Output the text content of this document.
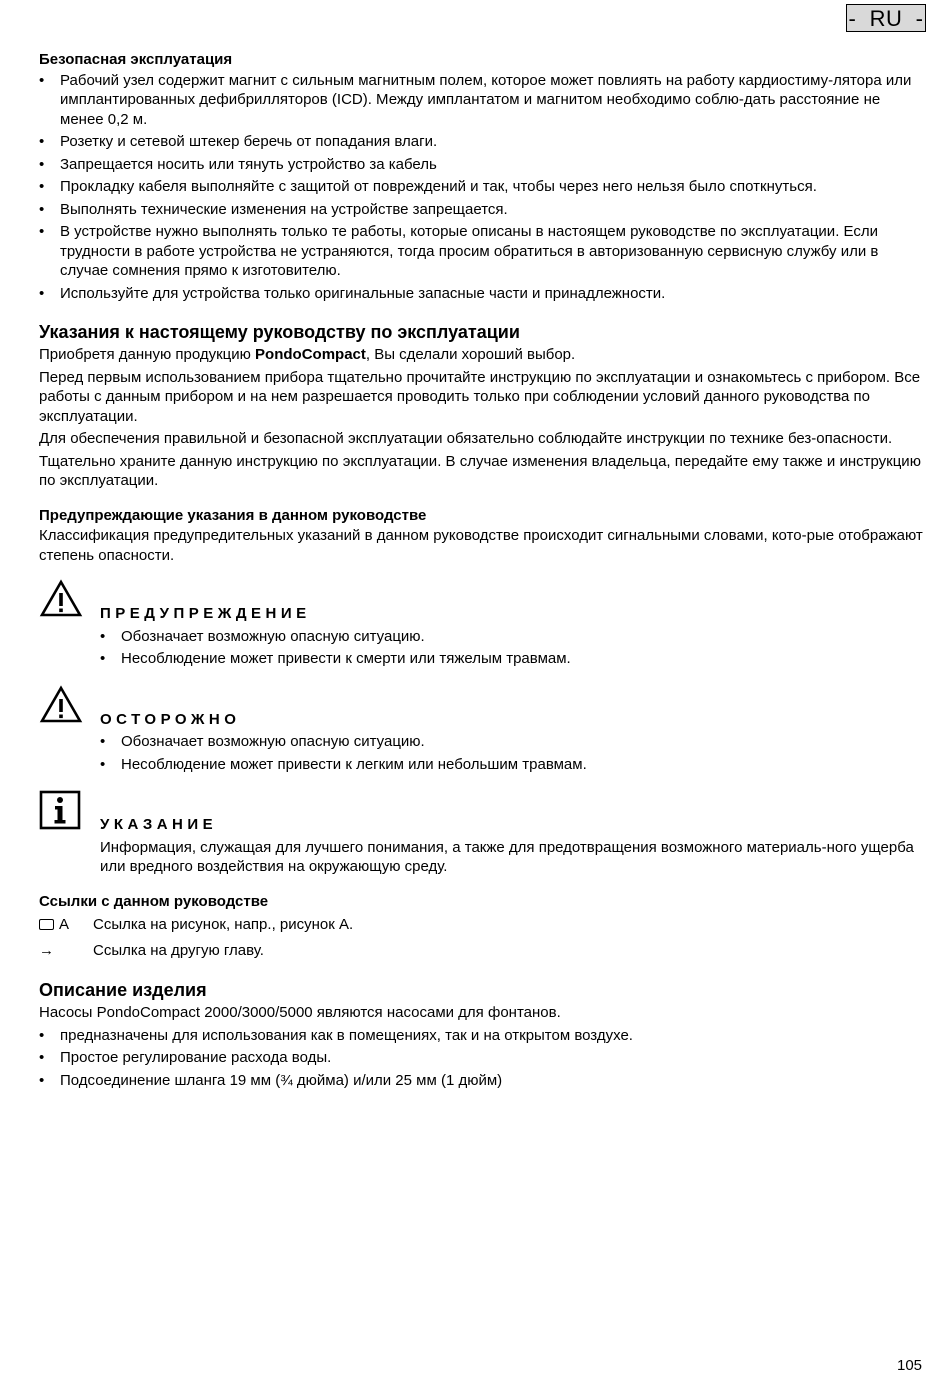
-  RU  -
Безопасная эксплуатация
• Рабочий узел содержит магнит с сильным магнитным полем, которое может повлиять на работу кардиостиму-лятора или имплантированных дефибрилляторов (ICD). Между имплантатом и магнитом необходимо соблю-дать расстояние не менее 0,2 м.
• Розетку и сетевой штекер беречь от попадания влаги.
• Запрещается носить или тянуть устройство за кабель
• Прокладку кабеля выполняйте с защитой от повреждений и так, чтобы через него нельзя было споткнуться.
• Выполнять технические изменения на устройстве запрещается.
• В устройстве нужно выполнять только те работы, которые описаны в настоящем руководстве по эксплуатации. Если трудности в работе устройства не устраняются, тогда просим обратиться в авторизованную сервисную службу или в случае сомнения прямо к изготовителю.
• Используйте для устройства только оригинальные запасные части и принадлежности.
Указания к настоящему руководству по эксплуатации
Приобретя данную продукцию PondoCompact, Вы сделали хороший выбор.
Перед первым использованием прибора тщательно прочитайте инструкцию по эксплуатации и ознакомьтесь с прибором. Все работы с данным прибором и на нем разрешается проводить только при соблюдении условий данного руководства по эксплуатации.
Для обеспечения правильной и безопасной эксплуатации обязательно соблюдайте инструкции по технике без-опасности.
Тщательно храните данную инструкцию по эксплуатации. В случае изменения владельца, передайте ему также и инструкцию по эксплуатации.
Предупреждающие указания в данном руководстве
Классификация предупредительных указаний в данном руководстве происходит сигнальными словами, кото-рые отображают степень опасности.
ПРЕДУПРЕЖДЕНИЕ
• Обозначает возможную опасную ситуацию.
• Несоблюдение может привести к смерти или тяжелым травмам.
ОСТОРОЖНО
• Обозначает возможную опасную ситуацию.
• Несоблюдение может привести к легким или небольшим травмам.
УКАЗАНИЕ
Информация, служащая для лучшего понимания, а также для предотвращения возможного материаль-ного ущерба или вредного воздействия на окружающую среду.
Ссылки с данном руководстве
A	Ссылка на рисунок, напр., рисунок А.
→	Ссылка на другую главу.
Описание изделия
Насосы PondoCompact 2000/3000/5000 являются насосами для фонтанов.
• предназначены для использования как в помещениях, так и на открытом воздухе.
• Простое регулирование расхода воды.
• Подсоединение шланга 19 мм (¾ дюйма) и/или 25 мм (1 дюйм)
105
